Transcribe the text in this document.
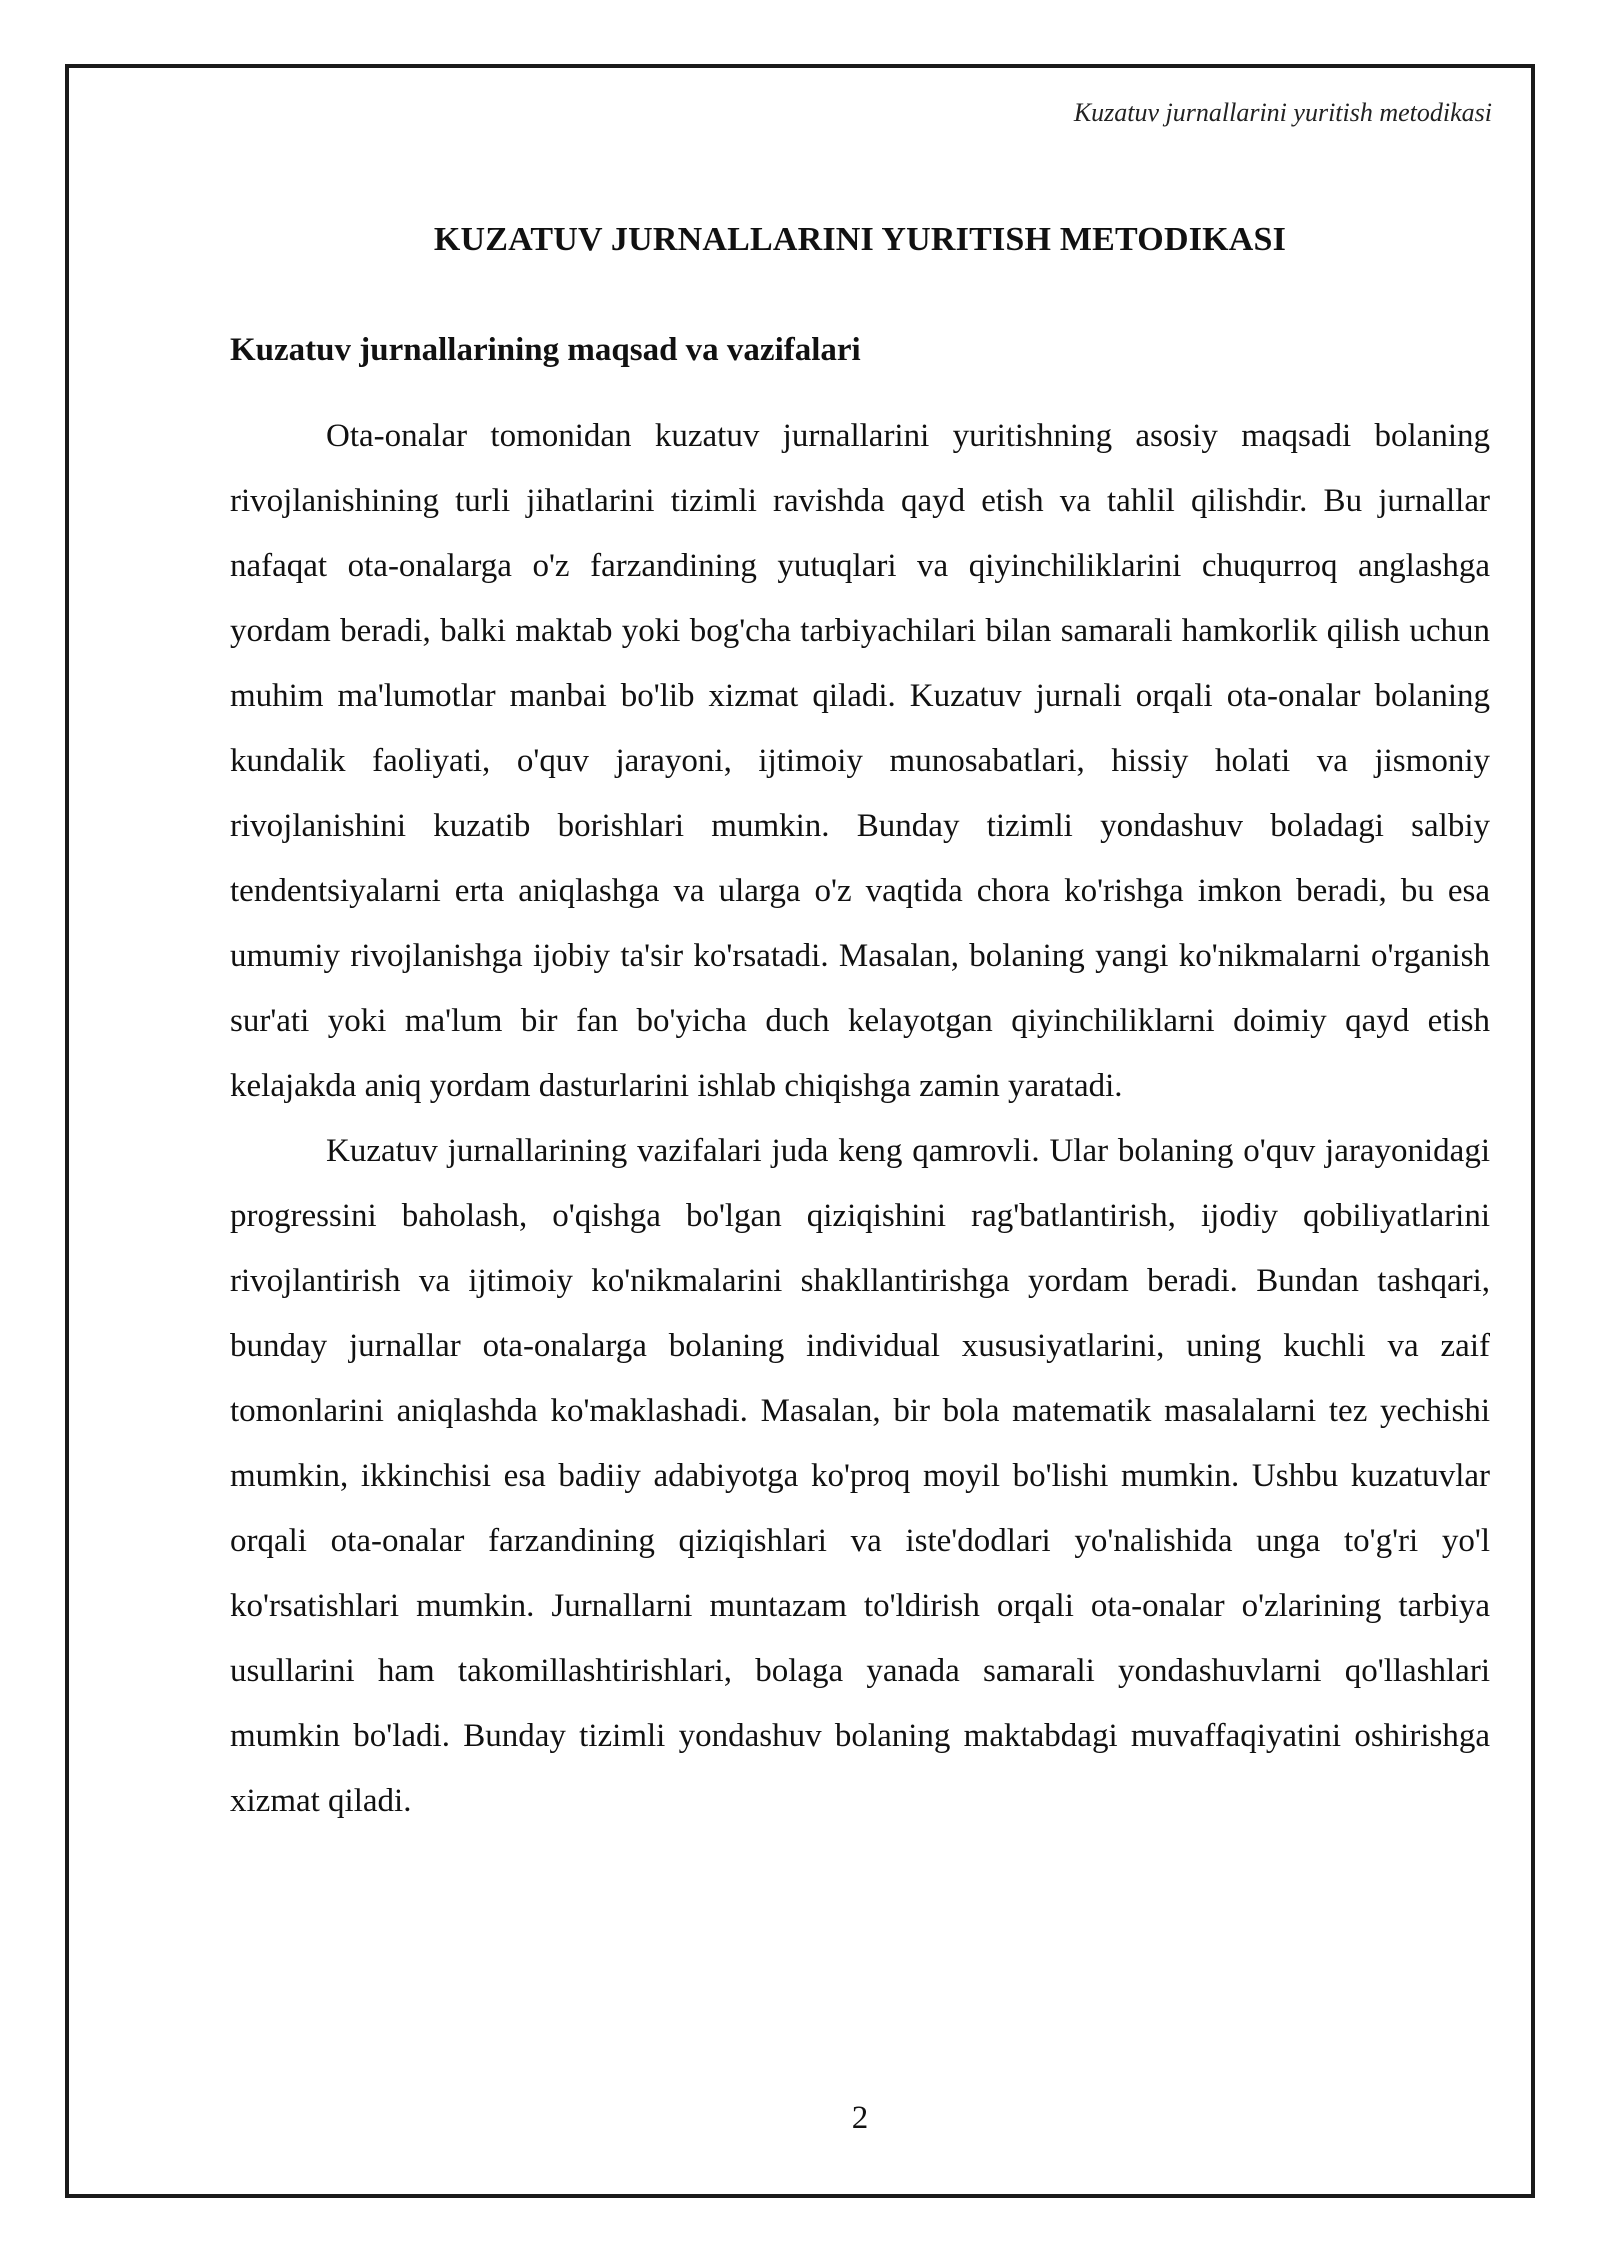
Kuzatuv jurnallarini yuritish metodikasi
KUZATUV JURNALLARINI YURITISH METODIKASI
Kuzatuv jurnallarining maqsad va vazifalari

Ota-onalar tomonidan kuzatuv jurnallarini yuritishning asosiy maqsadi bolaning rivojlanishining turli jihatlarini tizimli ravishda qayd etish va tahlil qilishdir. Bu jurnallar nafaqat ota-onalarga o'z farzandining yutuqlari va qiyinchiliklarini chuqurroq anglashga yordam beradi, balki maktab yoki bog'cha tarbiyachilari bilan samarali hamkorlik qilish uchun muhim ma'lumotlar manbai bo'lib xizmat qiladi. Kuzatuv jurnali orqali ota-onalar bolaning kundalik faoliyati, o'quv jarayoni, ijtimoiy munosabatlari, hissiy holati va jismoniy rivojlanishini kuzatib borishlari mumkin. Bunday tizimli yondashuv boladagi salbiy tendentsiyalarni erta aniqlashga va ularga o'z vaqtida chora ko'rishga imkon beradi, bu esa umumiy rivojlanishga ijobiy ta'sir ko'rsatadi. Masalan, bolaning yangi ko'nikmalarni o'rganish sur'ati yoki ma'lum bir fan bo'yicha duch kelayotgan qiyinchiliklarni doimiy qayd etish kelajakda aniq yordam dasturlarini ishlab chiqishga zamin yaratadi.

Kuzatuv jurnallarining vazifalari juda keng qamrovli. Ular bolaning o'quv jarayonidagi progressini baholash, o'qishga bo'lgan qiziqishini rag'batlantirish, ijodiy qobiliyatlarini rivojlantirish va ijtimoiy ko'nikmalarini shakllantirishga yordam beradi. Bundan tashqari, bunday jurnallar ota-onalarga bolaning individual xususiyatlarini, uning kuchli va zaif tomonlarini aniqlashda ko'maklashadi. Masalan, bir bola matematik masalalarni tez yechishi mumkin, ikkinchisi esa badiiy adabiyotga ko'proq moyil bo'lishi mumkin. Ushbu kuzatuvlar orqali ota-onalar farzandining qiziqishlari va iste'dodlari yo'nalishida unga to'g'ri yo'l ko'rsatishlari mumkin. Jurnallarni muntazam to'ldirish orqali ota-onalar o'zlarining tarbiya usullarini ham takomillashtirishlari, bolaga yanada samarali yondashuvlarni qo'llashlari mumkin bo'ladi. Bunday tizimli yondashuv bolaning maktabdagi muvaffaqiyatini oshirishga xizmat qiladi.

2
